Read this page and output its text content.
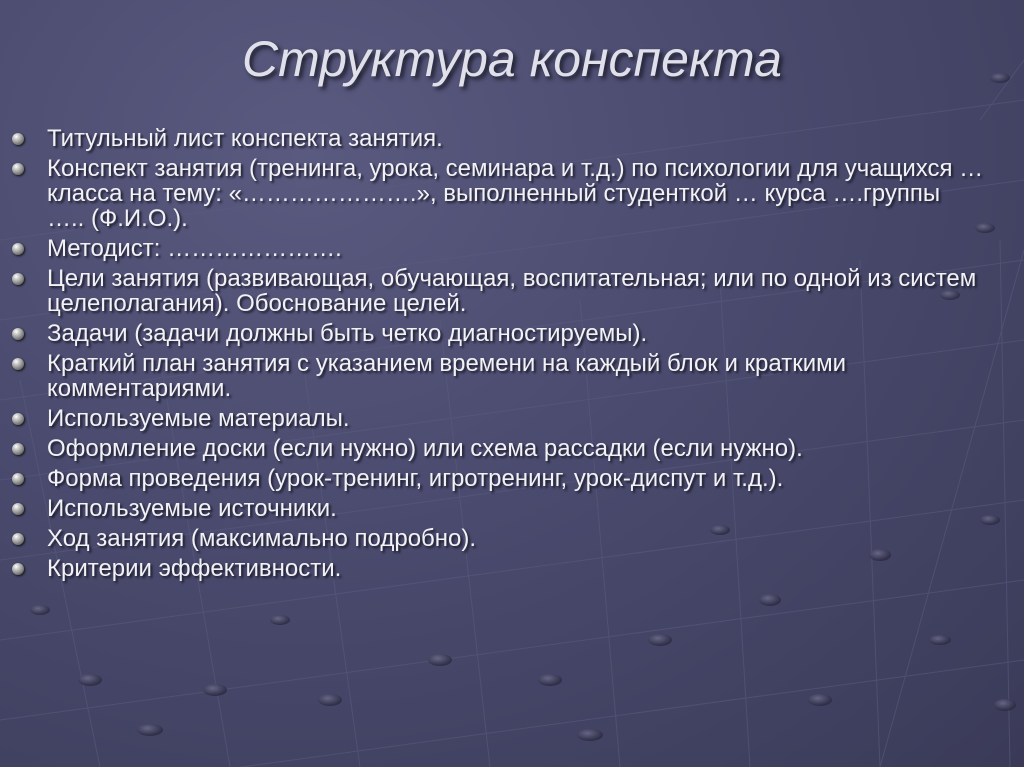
Структура конспекта
Титульный лист конспекта занятия.
Конспект занятия (тренинга, урока, семинара и т.д.) по психологии для учащихся …класса на тему: «………………….», выполненный студенткой … курса ….группы ….. (Ф.И.О.).
Методист: ………………….
Цели занятия (развивающая, обучающая, воспитательная; или по одной из систем целеполагания). Обоснование целей.
Задачи (задачи должны быть четко диагностируемы).
Краткий план занятия с указанием времени на каждый блок и краткими комментариями.
Используемые материалы.
Оформление доски (если нужно) или схема рассадки (если нужно).
Форма проведения (урок-тренинг, игротренинг, урок-диспут и т.д.).
Используемые источники.
Ход занятия (максимально подробно).
Критерии эффективности.
